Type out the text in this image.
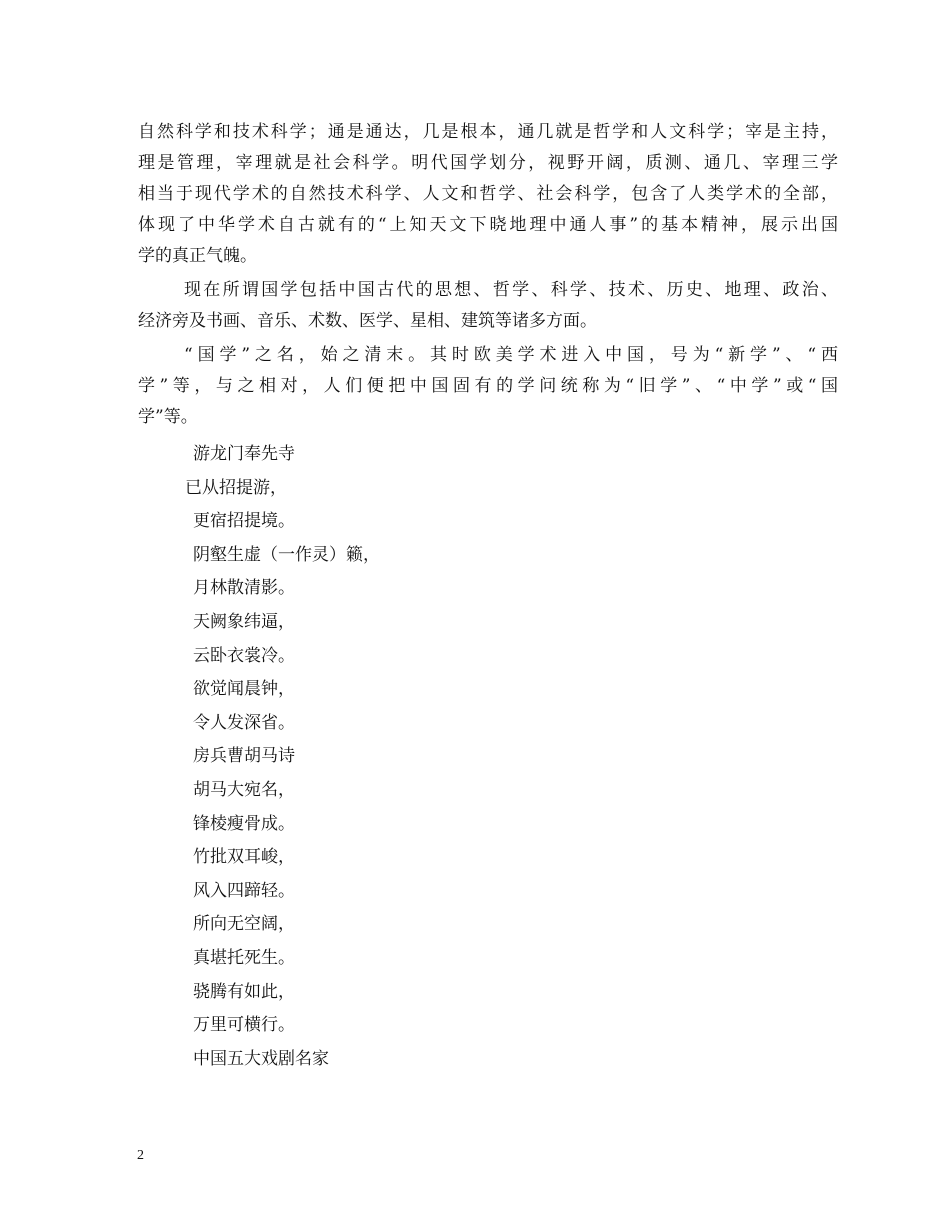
自然科学和技术科学；通是通达，几是根本，通几就是哲学和人文科学；宰是主持，
理是管理，宰理就是社会科学。明代国学划分，视野开阔，质测、通几、宰理三学
相当于现代学术的自然技术科学、人文和哲学、社会科学，包含了人类学术的全部，
体现了中华学术自古就有的“上知天文下晓地理中通人事”的基本精神，展示出国
学的真正气魄。
现在所谓国学包括中国古代的思想、哲学、科学、技术、历史、地理、政治、
经济旁及书画、音乐、术数、医学、星相、建筑等诸多方面。
“国学”之名，始之清末。其时欧美学术进入中国，号为“新学”、“西
学”等，与之相对，人们便把中国固有的学问统称为“旧学”、“中学”或“国
学”等。
游龙门奉先寺
已从招提游，
更宿招提境。
阴壑生虚（一作灵）籁，
月林散清影。
天阙象纬逼，
云卧衣裳冷。
欲觉闻晨钟，
令人发深省。
房兵曹胡马诗
胡马大宛名，
锋棱瘦骨成。
竹批双耳峻，
风入四蹄轻。
所向无空阔，
真堪托死生。
骁腾有如此，
万里可横行。
中国五大戏剧名家
2
